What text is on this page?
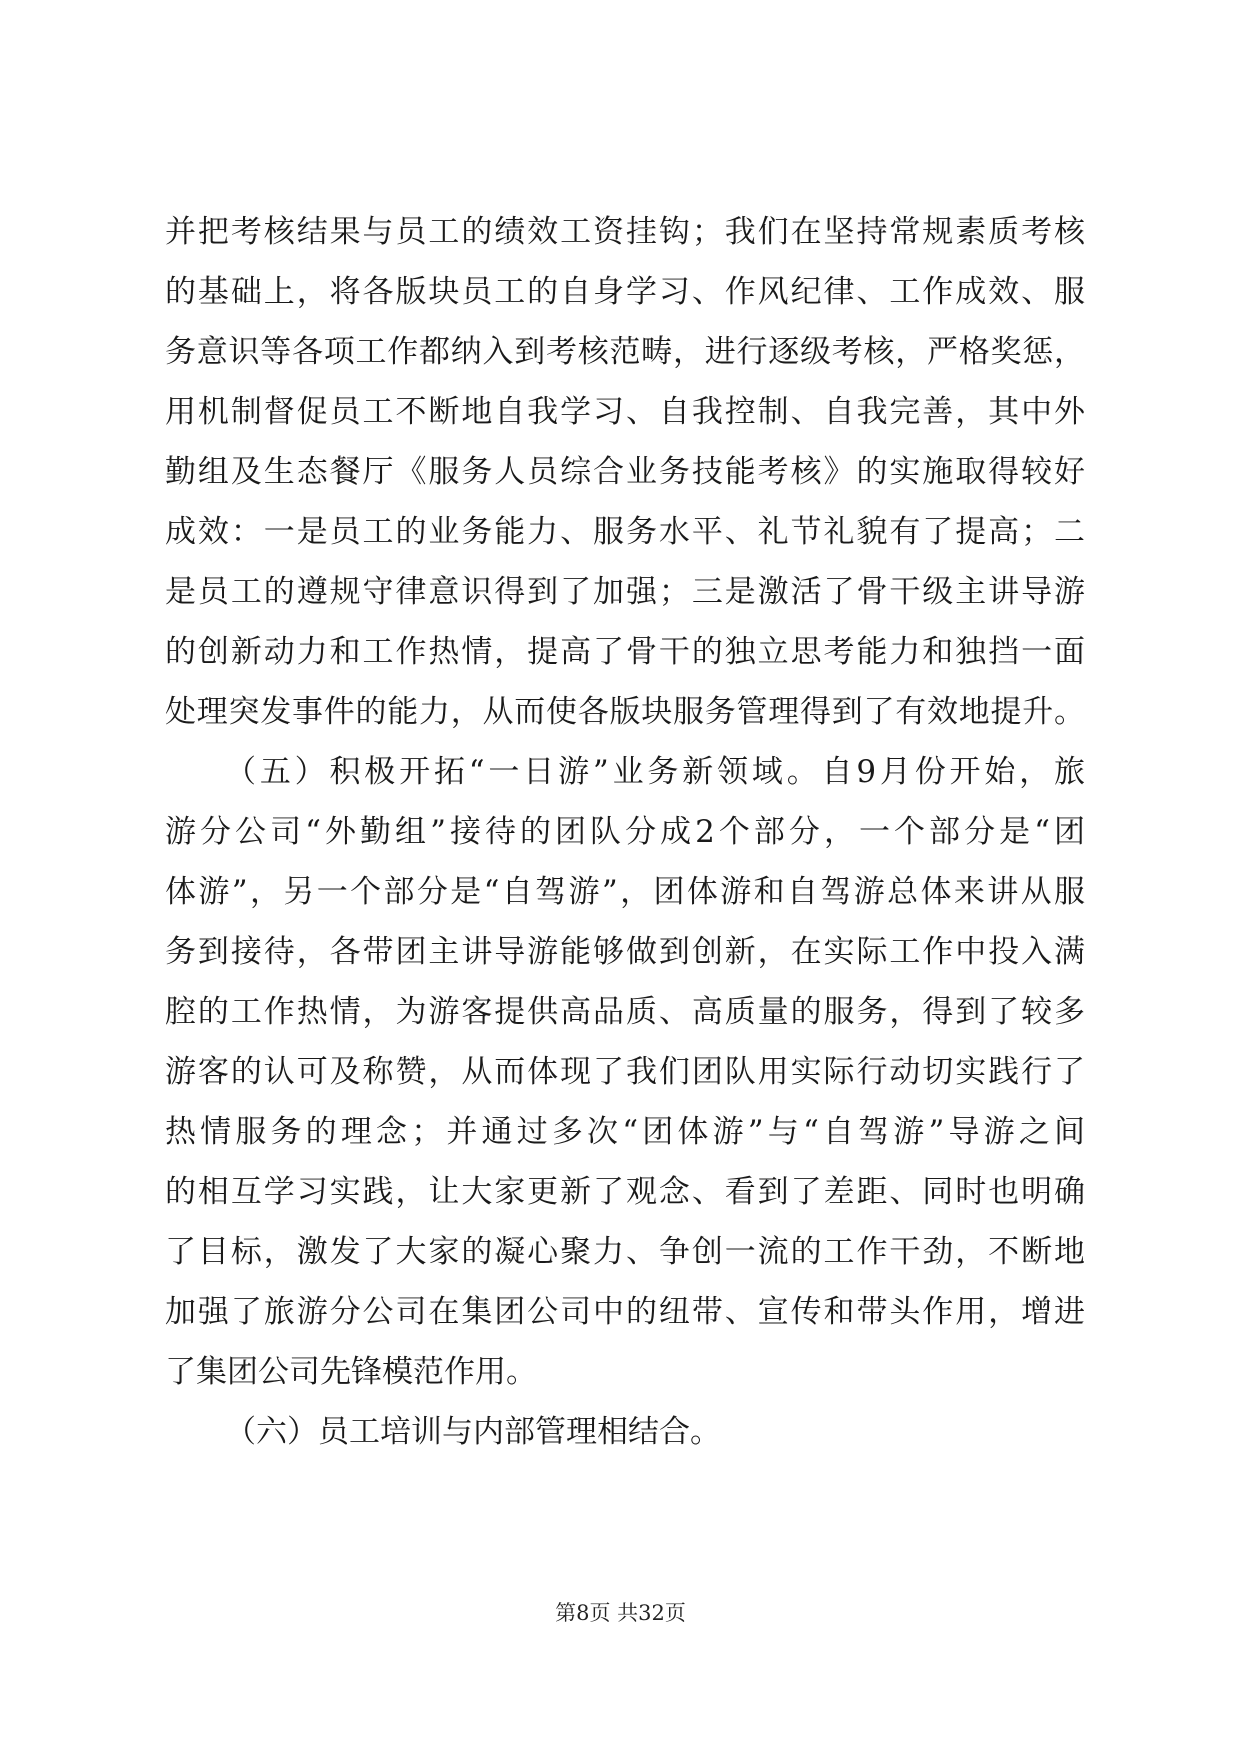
并把考核结果与员工的绩效工资挂钩；我们在坚持常规素质考核
的基础上，将各版块员工的自身学习、作风纪律、工作成效、服
务意识等各项工作都纳入到考核范畴，进行逐级考核，严格奖惩，
用机制督促员工不断地自我学习、自我控制、自我完善，其中外
勤组及生态餐厅《服务人员综合业务技能考核》的实施取得较好
成效：一是员工的业务能力、服务水平、礼节礼貌有了提高；二
是员工的遵规守律意识得到了加强；三是激活了骨干级主讲导游
的创新动力和工作热情，提高了骨干的独立思考能力和独挡一面
处理突发事件的能力，从而使各版块服务管理得到了有效地提升。
（五）积极开拓“一日游”业务新领域。自9月份开始，旅
游分公司“外勤组”接待的团队分成2个部分，一个部分是“团
体游”，另一个部分是“自驾游”，团体游和自驾游总体来讲从服
务到接待，各带团主讲导游能够做到创新，在实际工作中投入满
腔的工作热情，为游客提供高品质、高质量的服务，得到了较多
游客的认可及称赞，从而体现了我们团队用实际行动切实践行了
热情服务的理念；并通过多次“团体游”与“自驾游”导游之间
的相互学习实践，让大家更新了观念、看到了差距、同时也明确
了目标，激发了大家的凝心聚力、争创一流的工作干劲，不断地
加强了旅游分公司在集团公司中的纽带、宣传和带头作用，增进
了集团公司先锋模范作用。
（六）员工培训与内部管理相结合。
第8页 共32页
